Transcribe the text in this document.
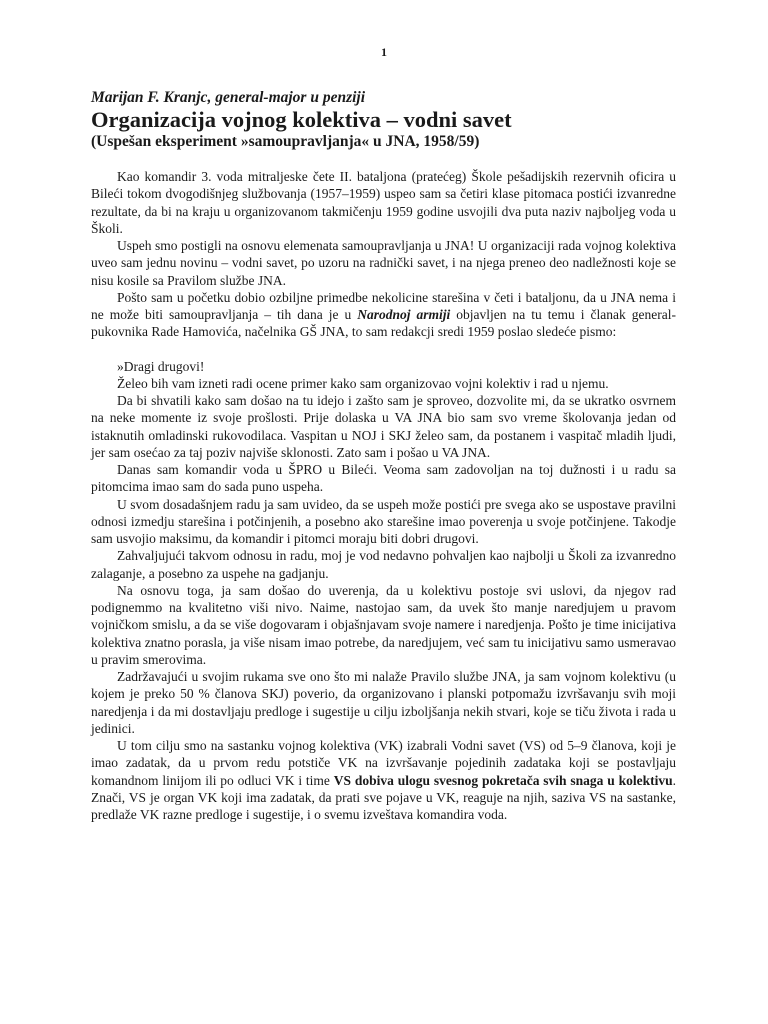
1
Marijan F. Kranjc, general-major u penziji
Organizacija vojnog kolektiva – vodni savet
(Uspešan eksperiment »samoupravljanja« u JNA, 1958/59)

Kao komandir 3. voda mitraljeske čete II. bataljona (pratećeg) Škole pešadijskih rezervnih oficira u Bileći tokom dvogodišnjeg službovanja (1957–1959) uspeo sam sa četiri klase pitomaca postići izvanredne rezultate, da bi na kraju u organizovanom takmičenju 1959 godine usvojili dva puta naziv najboljeg voda u Školi.

Uspeh smo postigli na osnovu elemenata samoupravljanja u JNA! U organizaciji rada vojnog kolektiva uveo sam jednu novinu – vodni savet, po uzoru na radnički savet, i na njega preneo deo nadležnosti koje se nisu kosile sa Pravilom službe JNA.

Pošto sam u početku dobio ozbiljne primedbe nekolicine starešina v četi i bataljonu, da u JNA nema i ne može biti samoupravljanja – tih dana je u Narodnoj armiji objavljen na tu temu i članak general-pukovnika Rade Hamovića, načelnika GŠ JNA, to sam redakcji sredi 1959 poslao sledeće pismo:

»Dragi drugovi!

Želeo bih vam izneti radi ocene primer kako sam organizovao vojni kolektiv i rad u njemu.

Da bi shvatili kako sam došao na tu idejo i zašto sam je sproveo, dozvolite mi, da se ukratko osvrnem na neke momente iz svoje prošlosti. Prije dolaska u VA JNA bio sam svo vreme školovanja jedan od istaknutih omladinski rukovodilaca. Vaspitan u NOJ i SKJ želeo sam, da postanem i vaspitač mladih ljudi, jer sam osećao za taj poziv najviše sklonosti. Zato sam i pošao u VA JNA.

Danas sam komandir voda u ŠPRO u Bileći. Veoma sam zadovoljan na toj dužnosti i u radu sa pitomcima imao sam do sada puno uspeha.

U svom dosadašnjem radu ja sam uvideo, da se uspeh može postići pre svega ako se uspostave pravilni odnosi izmedju starešina i potčinjenih, a posebno ako starešine imao poverenja u svoje potčinjene. Takodje sam usvojio maksimu, da komandir i pitomci moraju biti dobri drugovi.

Zahvaljujući takvom odnosu in radu, moj je vod nedavno pohvaljen kao najbolji u Školi za izvanredno zalaganje, a posebno za uspehe na gadjanju.

Na osnovu toga, ja sam došao do uverenja, da u kolektivu postoje svi uslovi, da njegov rad podignemmo na kvalitetno viši nivo. Naime, nastojao sam, da uvek što manje naredjujem u pravom vojničkom smislu, a da se više dogovaram i objašnjavam svoje namere i naredjenja. Pošto je time inicijativa kolektiva znatno porasla, ja više nisam imao potrebe, da naredjujem, već sam tu inicijativu samo usmeravao u pravim smerovima.

Zadržavajući u svojim rukama sve ono što mi nalaže Pravilo službe JNA, ja sam vojnom kolektivu (u kojem je preko 50 % članova SKJ) poverio, da organizovano i planski potpomažu izvršavanju svih moji naredjenja i da mi dostavljaju predloge i sugestije u cilju izboljšanja nekih stvari, koje se tiču života i rada u jedinici.

U tom cilju smo na sastanku vojnog kolektiva (VK) izabrali Vodni savet (VS) od 5–9 članova, koji je imao zadatak, da u prvom redu potstiče VK na izvršavanje pojedinih zadataka koji se postavljaju komandnom linijom ili po odluci VK i time VS dobiva ulogu svesnog pokretača svih snaga u kolektivu. Znači, VS je organ VK koji ima zadatak, da prati sve pojave u VK, reaguje na njih, saziva VS na sastanke, predlaže VK razne predloge i sugestije, i o svemu izveštava komandira voda.
